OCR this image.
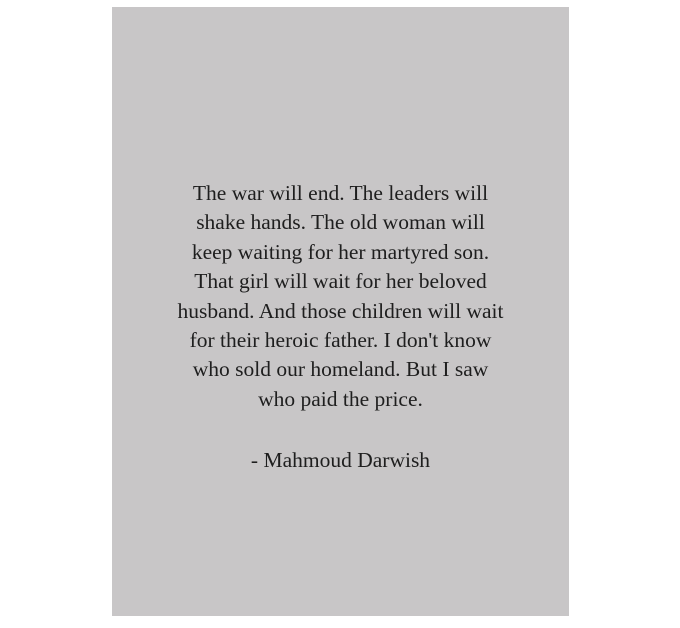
The war will end. The leaders will
shake hands. The old woman will
keep waiting for her martyred son.
That girl will wait for her beloved
husband. And those children will wait
for their heroic father. I don't know
who sold our homeland. But I saw
who paid the price.

- Mahmoud Darwish
